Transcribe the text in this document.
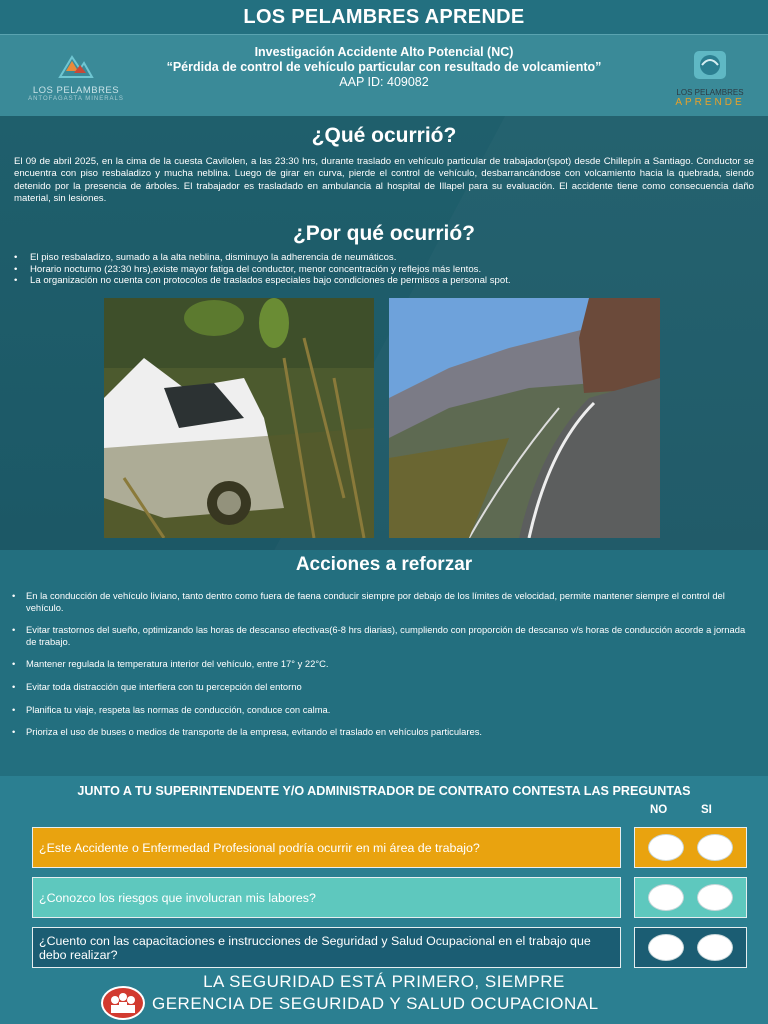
LOS PELAMBRES APRENDE
LOS PELAMBRES
ANTOFAGASTA MINERALS
Investigación Accidente Alto Potencial (NC)
“Pérdida de control de vehículo particular con resultado de volcamiento”
AAP ID: 409082
LOS PELAMBRES
APRENDE
¿Qué ocurrió?

El 09 de abril 2025, en la cima de la cuesta Cavilolen, a las 23:30 hrs, durante traslado en vehículo particular de trabajador(spot) desde Chillepín a Santiago. Conductor se encuentra con piso resbaladizo y mucha neblina. Luego de girar en curva, pierde el control de vehículo, desbarrancándose con volcamiento hacia la quebrada, siendo detenido por la presencia de árboles. El trabajador es trasladado en ambulancia al hospital de Illapel para su evaluación. El accidente tiene como consecuencia daño material, sin lesiones.

¿Por qué ocurrió?
• El piso resbaladizo, sumado a la alta neblina, disminuyo la adherencia de neumáticos.
• Horario nocturno (23:30 hrs),existe mayor fatiga del conductor, menor concentración y reflejos más lentos.
• La organización no cuenta con protocolos de traslados especiales bajo condiciones de permisos a personal spot.
Acciones a reforzar
• En la conducción de vehículo liviano, tanto dentro como fuera de faena conducir siempre por debajo de los límites de velocidad, permite mantener siempre el control del vehículo.
• Evitar trastornos del sueño, optimizando las horas de descanso efectivas(6-8 hrs diarias), cumpliendo con proporción de descanso v/s horas de conducción acorde a jornada de trabajo.
• Mantener regulada la temperatura interior del vehículo, entre 17° y 22°C.
• Evitar toda distracción que interfiera con tu percepción del entorno
• Planifica tu viaje, respeta las normas de conducción, conduce con calma.
• Prioriza el uso de buses o medios de transporte de la empresa, evitando el traslado en vehículos particulares.
JUNTO A TU SUPERINTENDENTE Y/O ADMINISTRADOR DE CONTRATO CONTESTA LAS PREGUNTAS
NO	SI
¿Este Accidente o Enfermedad Profesional podría ocurrir en mi área de trabajo?
¿Conozco los riesgos que involucran mis labores?
¿Cuento con las capacitaciones e instrucciones de Seguridad y Salud Ocupacional en el trabajo que debo realizar?
LA SEGURIDAD ESTÁ PRIMERO, SIEMPRE
GERENCIA DE SEGURIDAD Y SALUD OCUPACIONAL
